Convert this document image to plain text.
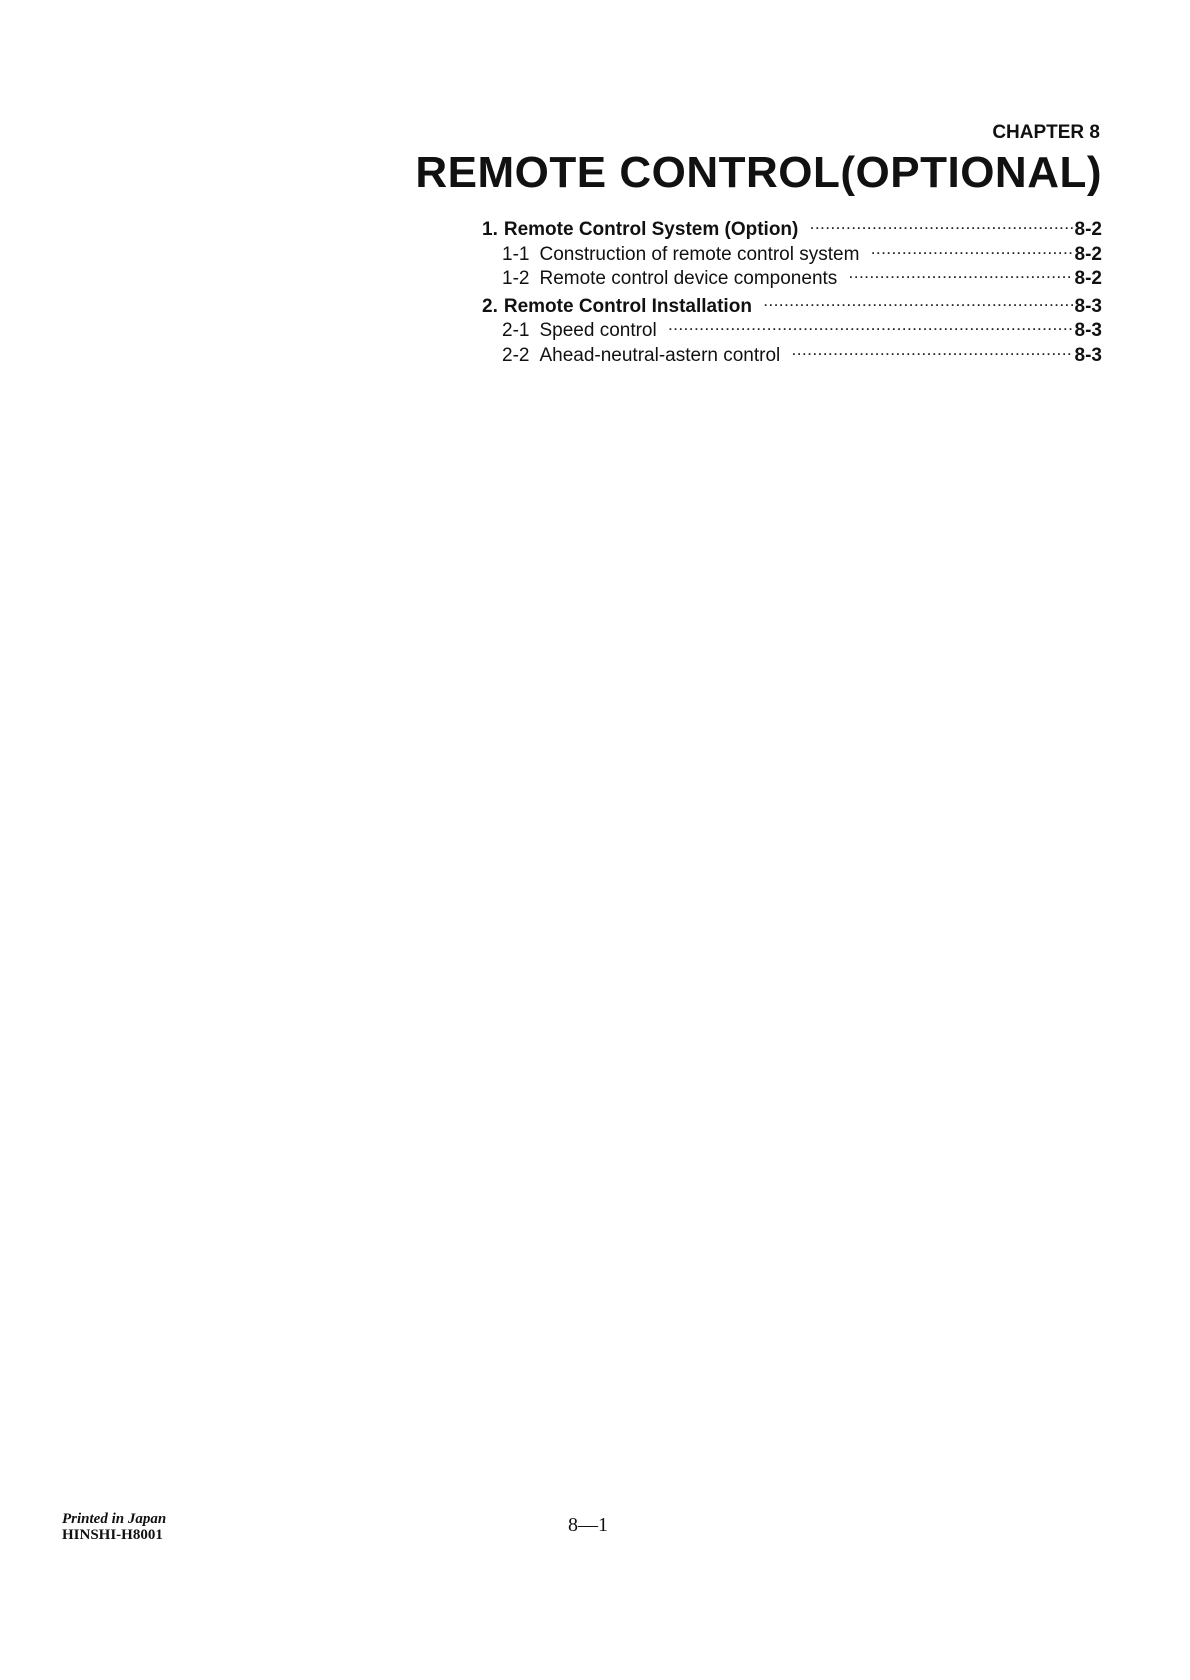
CHAPTER 8
REMOTE CONTROL(OPTIONAL)
1. Remote Control System (Option) ·····	8-2
1-1 Construction of remote control system ·····	8-2
1-2 Remote control device components ·····	8-2
2. Remote Control Installation ·····	8-3
2-1 Speed control ·····	8-3
2-2 Ahead-neutral-astern control ·····	8-3
Printed in Japan
HINSHI-H8001	8—1
